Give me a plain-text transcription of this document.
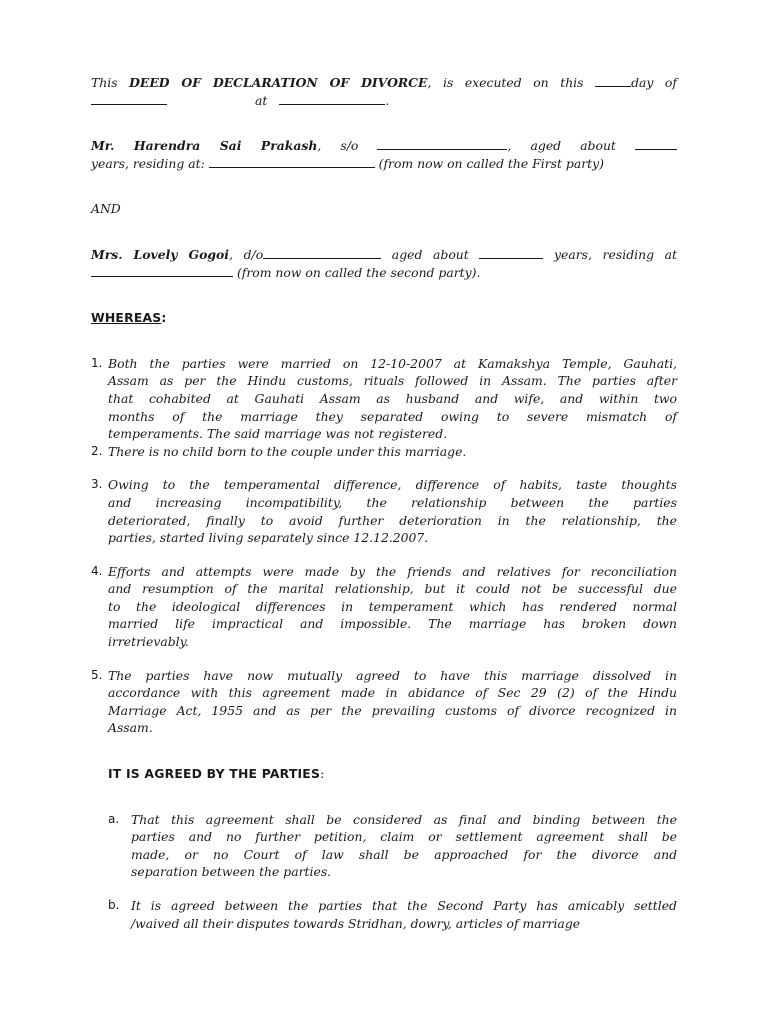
This DEED OF DECLARATION OF DIVORCE, is executed on this	day of

at	.

Mr. Harendra Sai Prakash, s/o	, aged about

years, residing at:	(from now on called the First party)

AND

Mrs. Lovely Gogoi, d/o	aged about	years, residing at

(from now on called the second party).

WHEREAS:

1. Both the parties were married on 12-10-2007 at Kamakshya Temple, Gauhati,

Assam as per the Hindu customs, rituals followed in Assam. The parties after

that cohabited at Gauhati Assam as husband and wife, and within two

months of the marriage they separated owing to severe mismatch of

temperaments. The said marriage was not registered.

2. There is no child born to the couple under this marriage.

3. Owing to the temperamental difference, difference of habits, taste thoughts

and increasing incompatibility, the relationship between the parties

deteriorated, finally to avoid further deterioration in the relationship, the

parties, started living separately since 12.12.2007.

4. Efforts and attempts were made by the friends and relatives for reconciliation

and resumption of the marital relationship, but it could not be successful due

to the ideological differences in temperament which has rendered normal

married life impractical and impossible. The marriage has broken down

irretrievably.

5. The parties have now mutually agreed to have this marriage dissolved in

accordance with this agreement made in abidance of Sec 29 (2) of the Hindu

Marriage Act, 1955 and as per the prevailing customs of divorce recognized in

Assam.

IT IS AGREED BY THE PARTIES:

a. That this agreement shall be considered as final and binding between the

parties and no further petition, claim or settlement agreement shall be

made, or no Court of law shall be approached for the divorce and

separation between the parties.

b. It is agreed between the parties that the Second Party has amicably settled

/waived all their disputes towards Stridhan, dowry, articles of marriage
